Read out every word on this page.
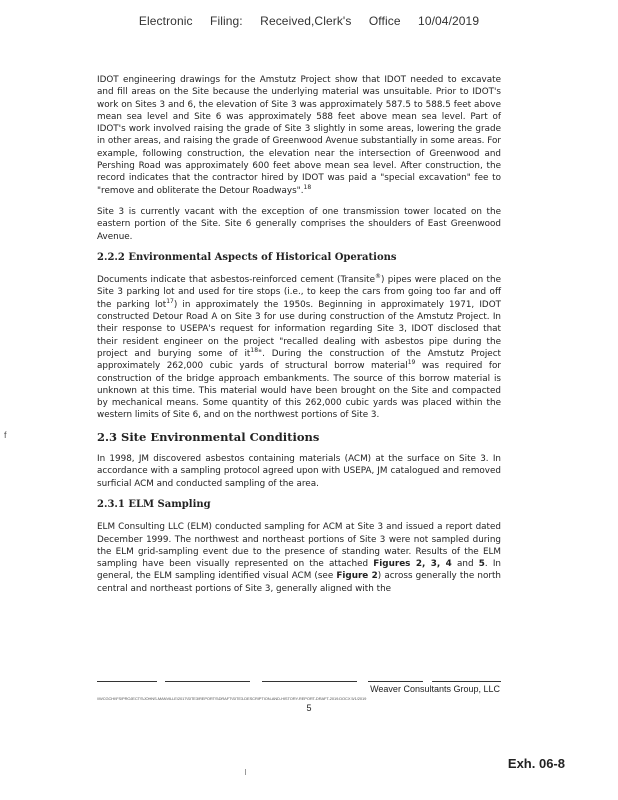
Electronic Filing: Received,Clerk's Office 10/04/2019
f

IDOT engineering drawings for the Amstutz Project show that IDOT needed to excavate and fill areas on the Site because the underlying material was unsuitable. Prior to IDOT's work on Sites 3 and 6, the elevation of Site 3 was approximately 587.5 to 588.5 feet above mean sea level and Site 6 was approximately 588 feet above mean sea level. Part of IDOT's work involved raising the grade of Site 3 slightly in some areas, lowering the grade in other areas, and raising the grade of Greenwood Avenue substantially in some areas. For example, following construction, the elevation near the intersection of Greenwood and Pershing Road was approximately 600 feet above mean sea level. After construction, the record indicates that the contractor hired by IDOT was paid a "special excavation" fee to "remove and obliterate the Detour Roadways".$^{18}$

Site 3 is currently vacant with the exception of one transmission tower located on the eastern portion of the Site. Site 6 generally comprises the shoulders of East Greenwood Avenue.

2.2.2 Environmental Aspects of Historical Operations

Documents indicate that asbestos-reinforced cement (Transite®) pipes were placed on the Site 3 parking lot and used for tire stops (i.e., to keep the cars from going too far and off the parking lot$^{17}$) in approximately the 1950s. Beginning in approximately 1971, IDOT constructed Detour Road A on Site 3 for use during construction of the Amstutz Project. In their response to USEPA's request for information regarding Site 3, IDOT disclosed that their resident engineer on the project "recalled dealing with asbestos pipe during the project and burying some of $it^{18}$". During the construction of the Amstutz Project approximately 262,000 cubic yards of structural borrow material$^{19}$ was required for construction of the bridge approach embankments. The source of this borrow material is unknown at this time. This material would have been brought on the Site and compacted by mechanical means. Some quantity of this 262,000 cubic yards was placed within the western limits of Site 6, and on the northwest portions of Site 3.

2.3 Site Environmental Conditions

In 1998, JM discovered asbestos containing materials (ACM) at the surface on Site 3. In accordance with a sampling protocol agreed upon with USEPA, JM catalogued and removed surficial ACM and conducted sampling of the area.

2.3.1 ELM Sampling

ELM Consulting LLC (ELM) conducted sampling for ACM at Site 3 and issued a report dated December 1999. The northwest and northeast portions of Site 3 were not sampled during the ELM grid-sampling event due to the presence of standing water. Results of the ELM sampling have been visually represented on the attached Figures 2, 3, 4 and 5. In general, the ELM sampling identified visual ACM (see Figure 2) across generally the north central and northeast portions of Site 3, generally aligned with the

Weaver Consultants Group, LLC
\\WCGCHI\FS\PROJECTS\JOHNS-MANVILLE\2017\SITE3\REPORTS\DRAFT\SITE3-DESCRIPTION-AND-HISTORY-REPORT-DRAFT-2019.DOCX 5/1/2019
5
Exh. 06-8
